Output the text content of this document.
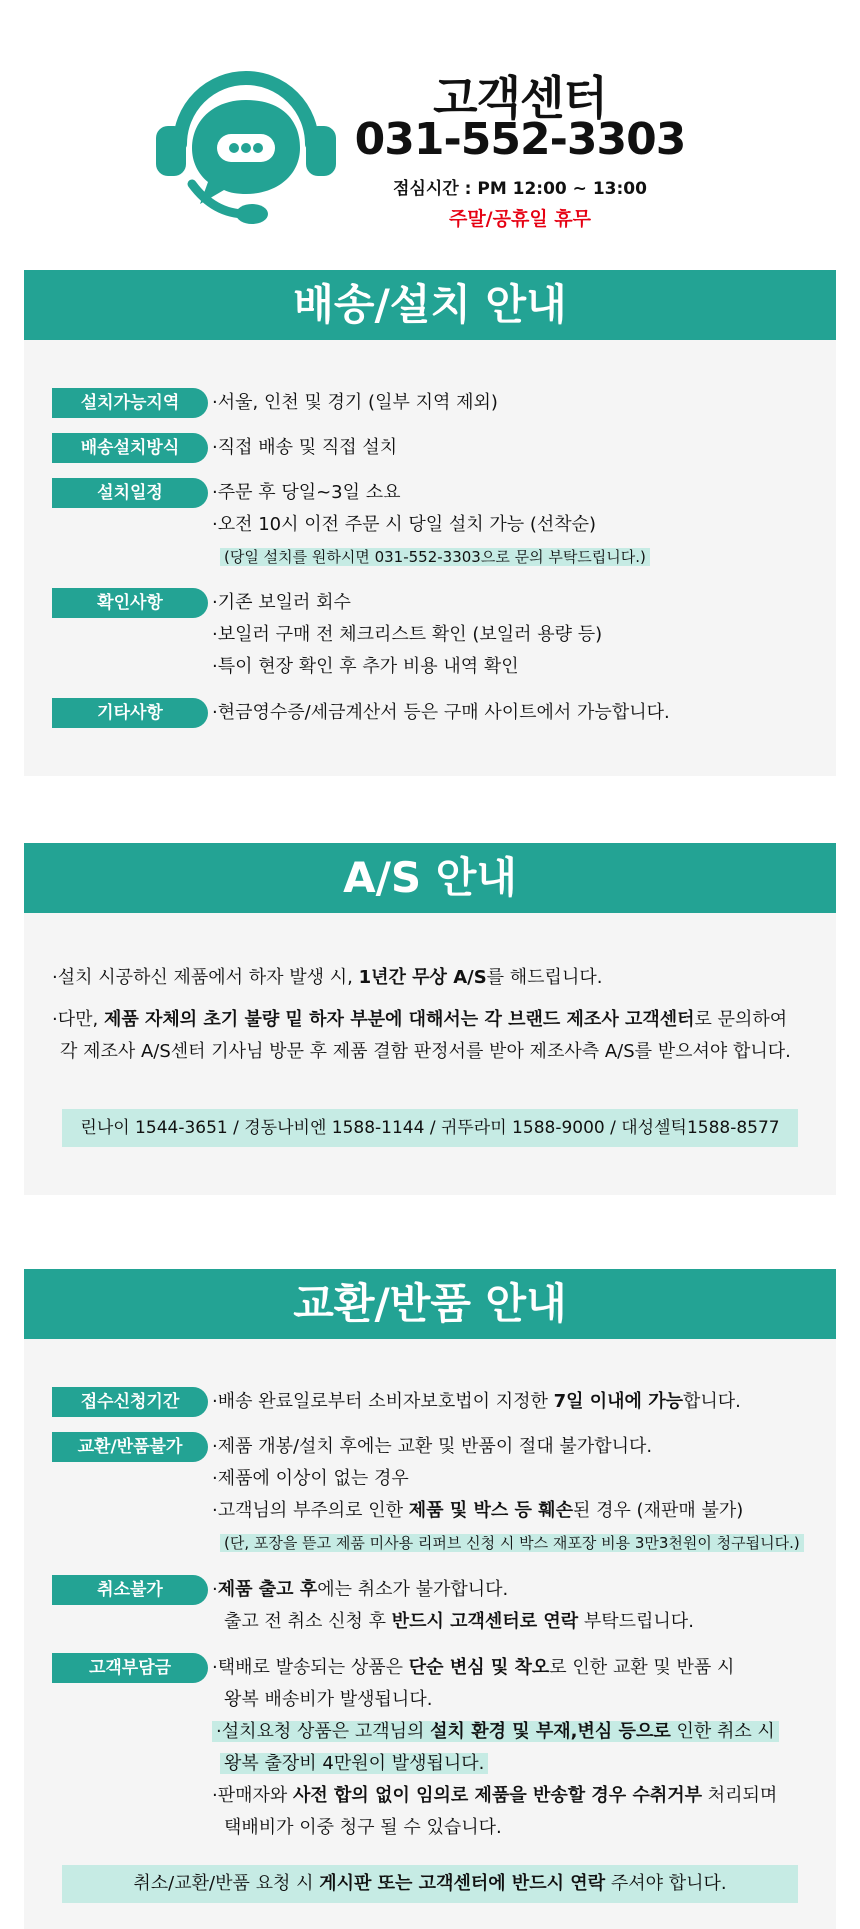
고객센터
031-552-3303
점심시간 : PM 12:00 ~ 13:00
주말/공휴일 휴무
배송/설치 안내
설치가능지역	·서울, 인천 및 경기 (일부 지역 제외)
배송설치방식	·직접 배송 및 직접 설치
설치일정	·주문 후 당일~3일 소요
·오전 10시 이전 주문 시 당일 설치 가능 (선착순)
(당일 설치를 원하시면 031-552-3303으로 문의 부탁드립니다.)
확인사항	·기존 보일러 회수
·보일러 구매 전 체크리스트 확인 (보일러 용량 등)
·특이 현장 확인 후 추가 비용 내역 확인
기타사항	·현금영수증/세금계산서 등은 구매 사이트에서 가능합니다.
A/S 안내
·설치 시공하신 제품에서 하자 발생 시, 1년간 무상 A/S를 해드립니다.
·다만, 제품 자체의 초기 불량 밑 하자 부분에 대해서는 각 브랜드 제조사 고객센터로 문의하여
각 제조사 A/S센터 기사님 방문 후 제품 결함 판정서를 받아 제조사측 A/S를 받으셔야 합니다.
린나이 1544-3651 / 경동나비엔 1588-1144 / 귀뚜라미 1588-9000 / 대성셀틱1588-8577
교환/반품 안내
접수신청기간	·배송 완료일로부터 소비자보호법이 지정한 7일 이내에 가능합니다.
교환/반품불가	·제품 개봉/설치 후에는 교환 및 반품이 절대 불가합니다.
·제품에 이상이 없는 경우
·고객님의 부주의로 인한 제품 및 박스 등 훼손된 경우 (재판매 불가)
(단, 포장을 뜯고 제품 미사용 리퍼브 신청 시 박스 재포장 비용 3만3천원이 청구됩니다.)
취소불가	·제품 출고 후에는 취소가 불가합니다.
출고 전 취소 신청 후 반드시 고객센터로 연락 부탁드립니다.
고객부담금	·택배로 발송되는 상품은 단순 변심 및 착오로 인한 교환 및 반품 시
왕복 배송비가 발생됩니다.
·설치요청 상품은 고객님의 설치 환경 및 부재,변심 등으로 인한 취소 시
왕복 출장비 4만원이 발생됩니다.
·판매자와 사전 합의 없이 임의로 제품을 반송할 경우 수취거부 처리되며
택배비가 이중 청구 될 수 있습니다.
취소/교환/반품 요청 시 게시판 또는 고객센터에 반드시 연락 주셔야 합니다.
